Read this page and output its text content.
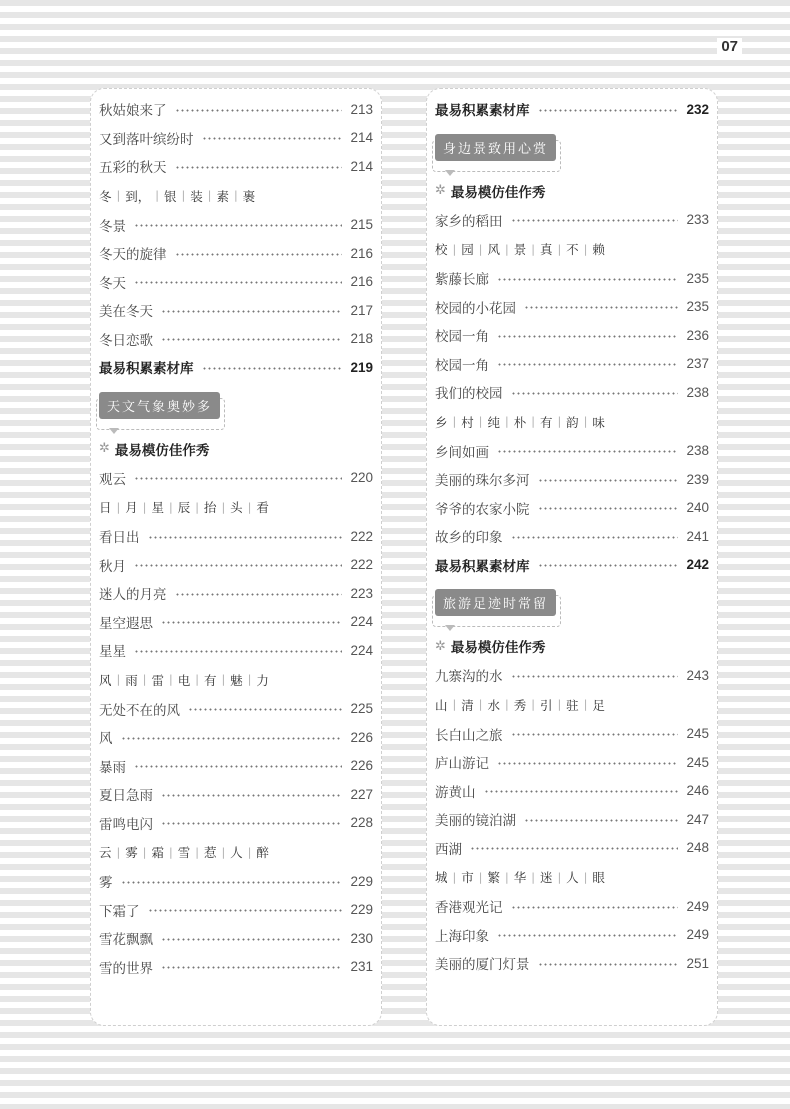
07
秋姑娘来了	213
又到落叶缤纷时	214
五彩的秋天	214
冬 | 到， | 银 | 装 | 素 | 裹
冬景	215
冬天的旋律	216
冬天	216
美在冬天	217
冬日恋歌	218
最易积累素材库	219
天文气象奥妙多
✲ 最易模仿佳作秀
观云	220
日 | 月 | 星 | 辰 | 抬 | 头 | 看
看日出	222
秋月	222
迷人的月亮	223
星空遐思	224
星星	224
风 | 雨 | 雷 | 电 | 有 | 魅 | 力
无处不在的风	225
风	226
暴雨	226
夏日急雨	227
雷鸣电闪	228
云 | 雾 | 霜 | 雪 | 惹 | 人 | 醉
雾	229
下霜了	229
雪花飘飘	230
雪的世界	231
最易积累素材库	232
身边景致用心赏
✲ 最易模仿佳作秀
家乡的稻田	233
校 | 园 | 风 | 景 | 真 | 不 | 赖
紫藤长廊	235
校园的小花园	235
校园一角	236
校园一角	237
我们的校园	238
乡 | 村 | 纯 | 朴 | 有 | 韵 | 味
乡间如画	238
美丽的珠尔多河	239
爷爷的农家小院	240
故乡的印象	241
最易积累素材库	242
旅游足迹时常留
✲ 最易模仿佳作秀
九寨沟的水	243
山 | 清 | 水 | 秀 | 引 | 驻 | 足
长白山之旅	245
庐山游记	245
游黄山	246
美丽的镜泊湖	247
西湖	248
城 | 市 | 繁 | 华 | 迷 | 人 | 眼
香港观光记	249
上海印象	249
美丽的厦门灯景	251
